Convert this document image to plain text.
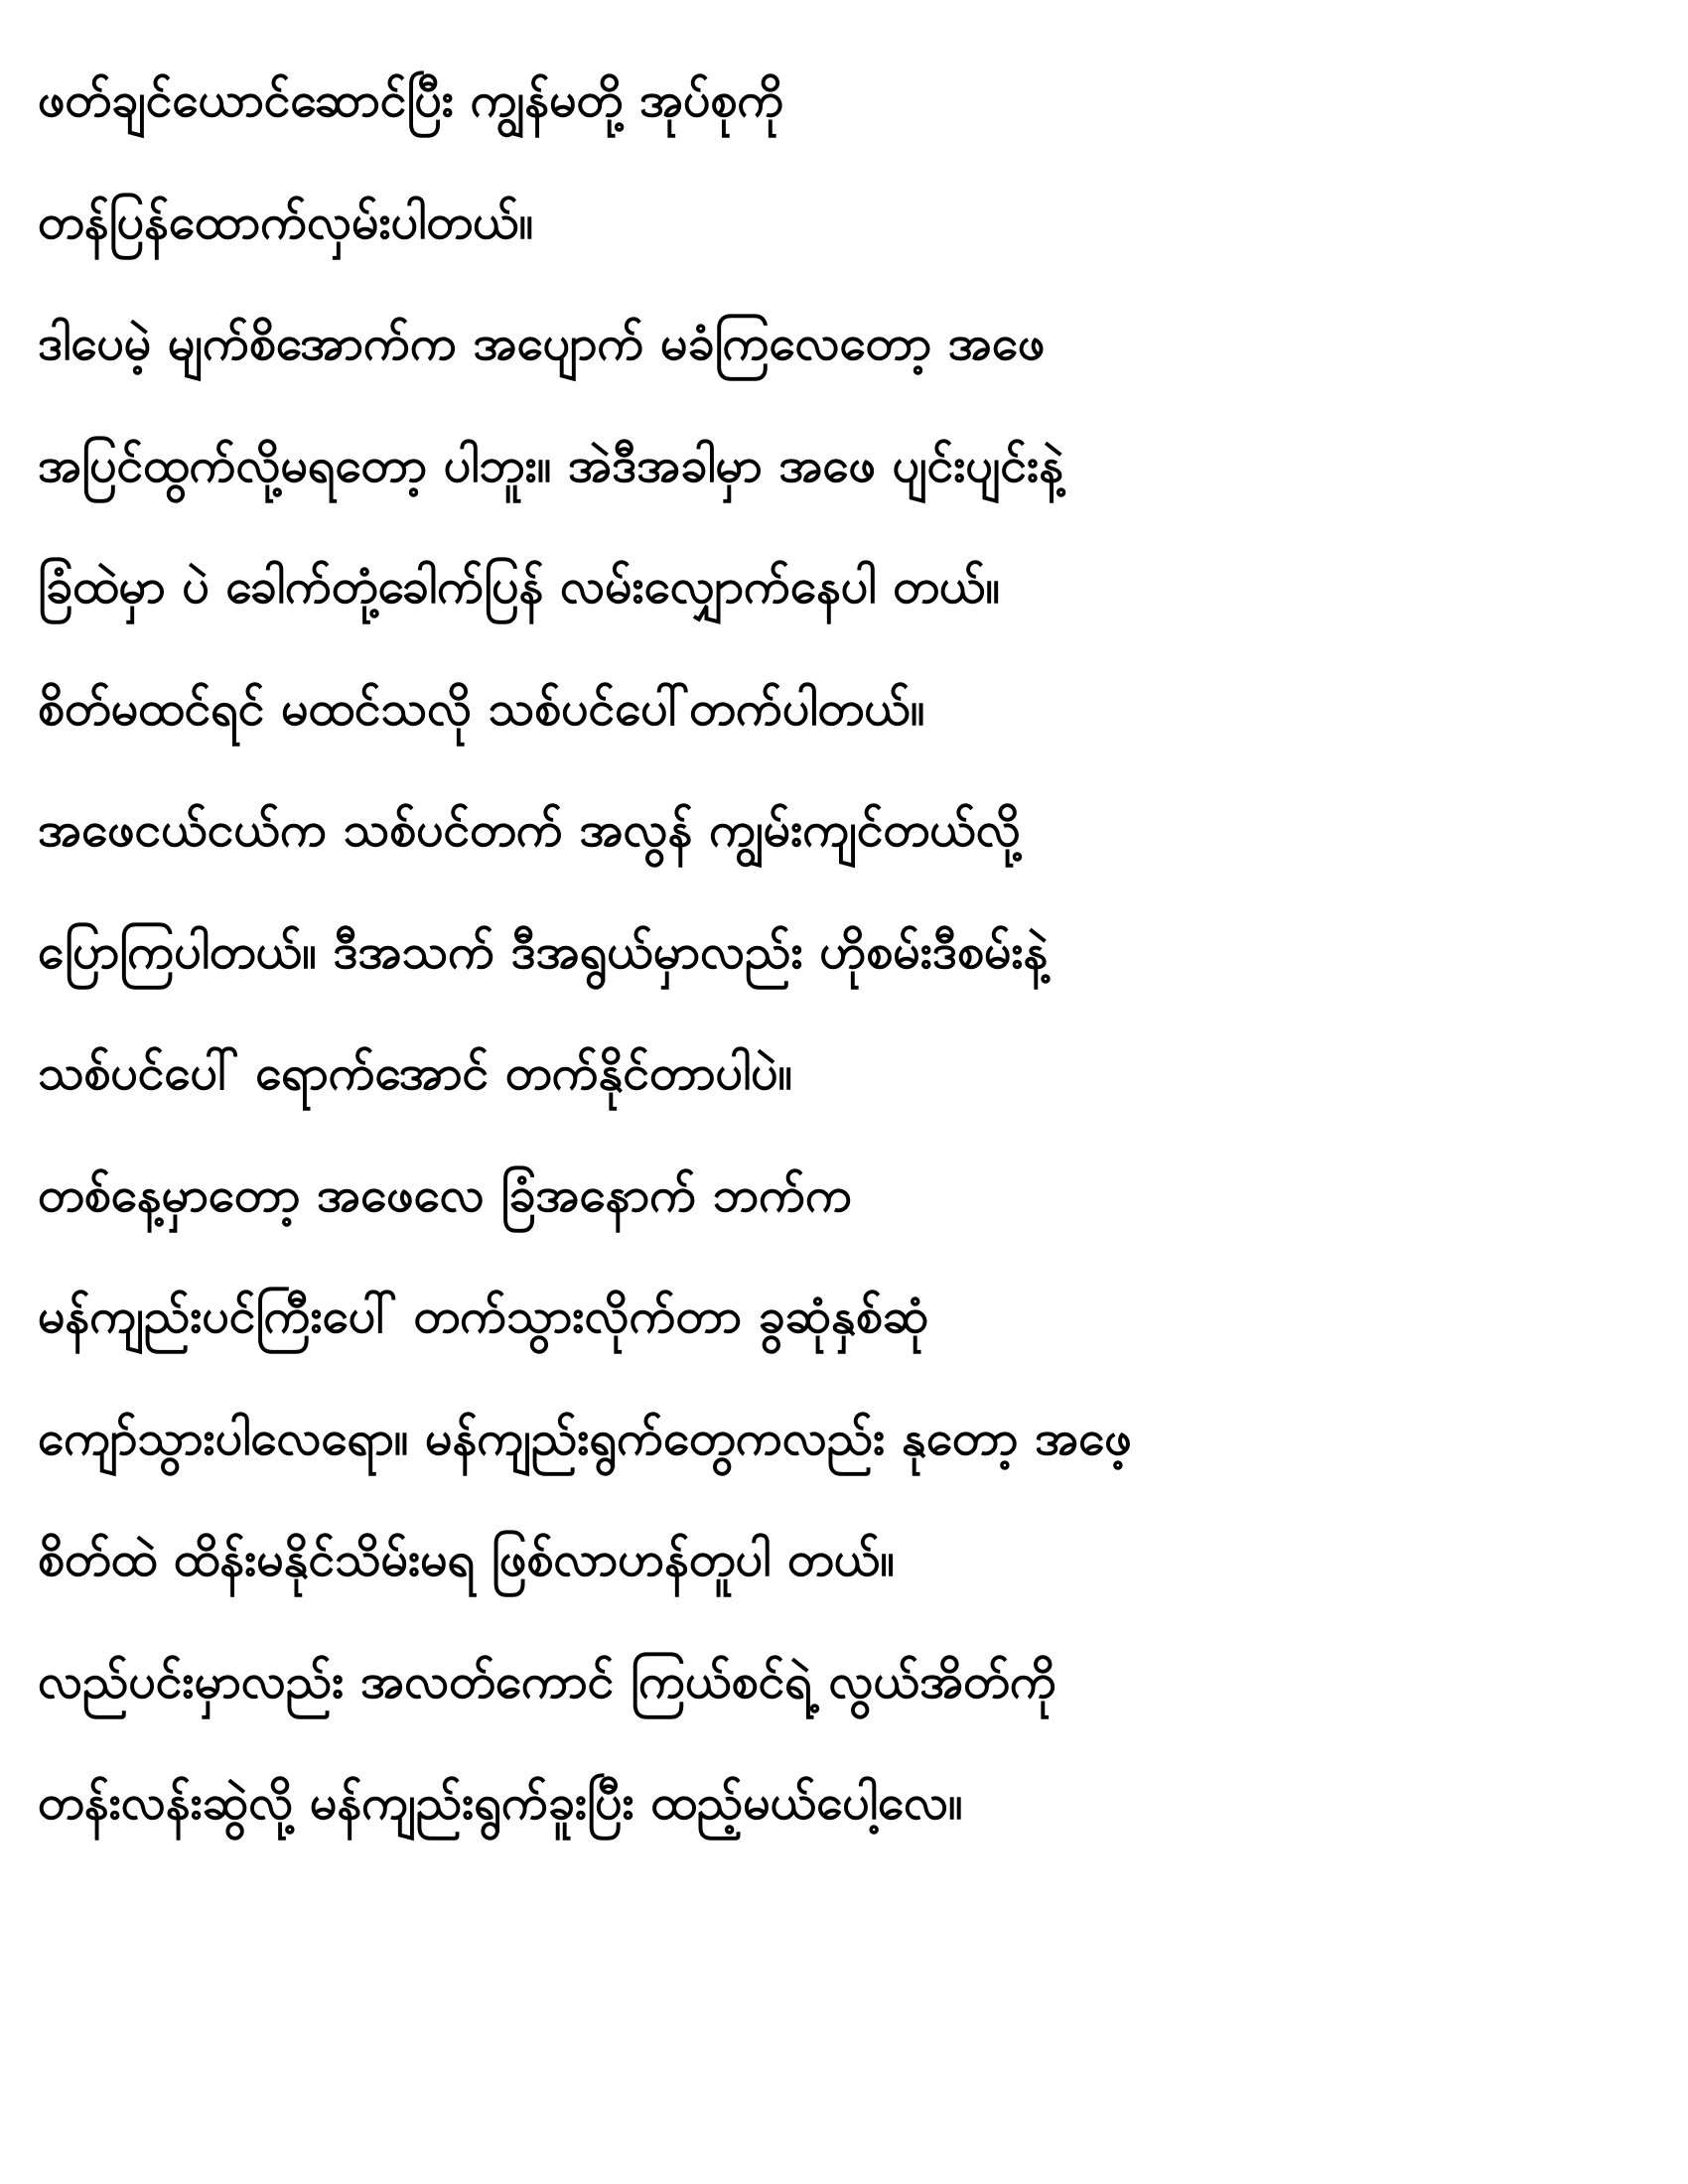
ဖတ်ချင်ယောင်ဆောင်ပြီး ကျွန်မတို့ အုပ်စုကို
တန်ပြန်ထောက်လှမ်းပါတယ်။
ဒါပေမဲ့ မျက်စိအောက်က အပျောက် မခံကြလေတော့ အဖေ
အပြင်ထွက်လို့မရတော့ ပါဘူး။ အဲဒီအခါမှာ အဖေ ပျင်းပျင်းနဲ့
ခြံထဲမှာ ပဲ ခေါက်တုံ့ခေါက်ပြန် လမ်းလျှောက်နေပါ တယ်။
စိတ်မထင်ရင် မထင်သလို သစ်ပင်ပေါ်တက်ပါတယ်။
အဖေငယ်ငယ်က သစ်ပင်တက် အလွန် ကျွမ်းကျင်တယ်လို့
ပြောကြပါတယ်။ ဒီအသက် ဒီအရွယ်မှာလည်း ဟိုစမ်းဒီစမ်းနဲ့
သစ်ပင်ပေါ် ရောက်အောင် တက်နိုင်တာပါပဲ။
တစ်နေ့မှာတော့ အဖေလေ ခြံအနောက် ဘက်က
မန်ကျည်းပင်ကြီးပေါ် တက်သွားလိုက်တာ ခွဆုံနှစ်ဆုံ
ကျော်သွားပါလေရော။ မန်ကျည်းရွက်တွေကလည်း နုတော့ အဖေ့
စိတ်ထဲ ထိန်းမနိုင်သိမ်းမရ ဖြစ်လာဟန်တူပါ တယ်။
လည်ပင်းမှာလည်း အလတ်ကောင် ကြယ်စင်ရဲ့ လွယ်အိတ်ကို
တန်းလန်းဆွဲလို့ မန်ကျည်းရွက်ခူးပြီး ထည့်မယ်ပေါ့လေ။
